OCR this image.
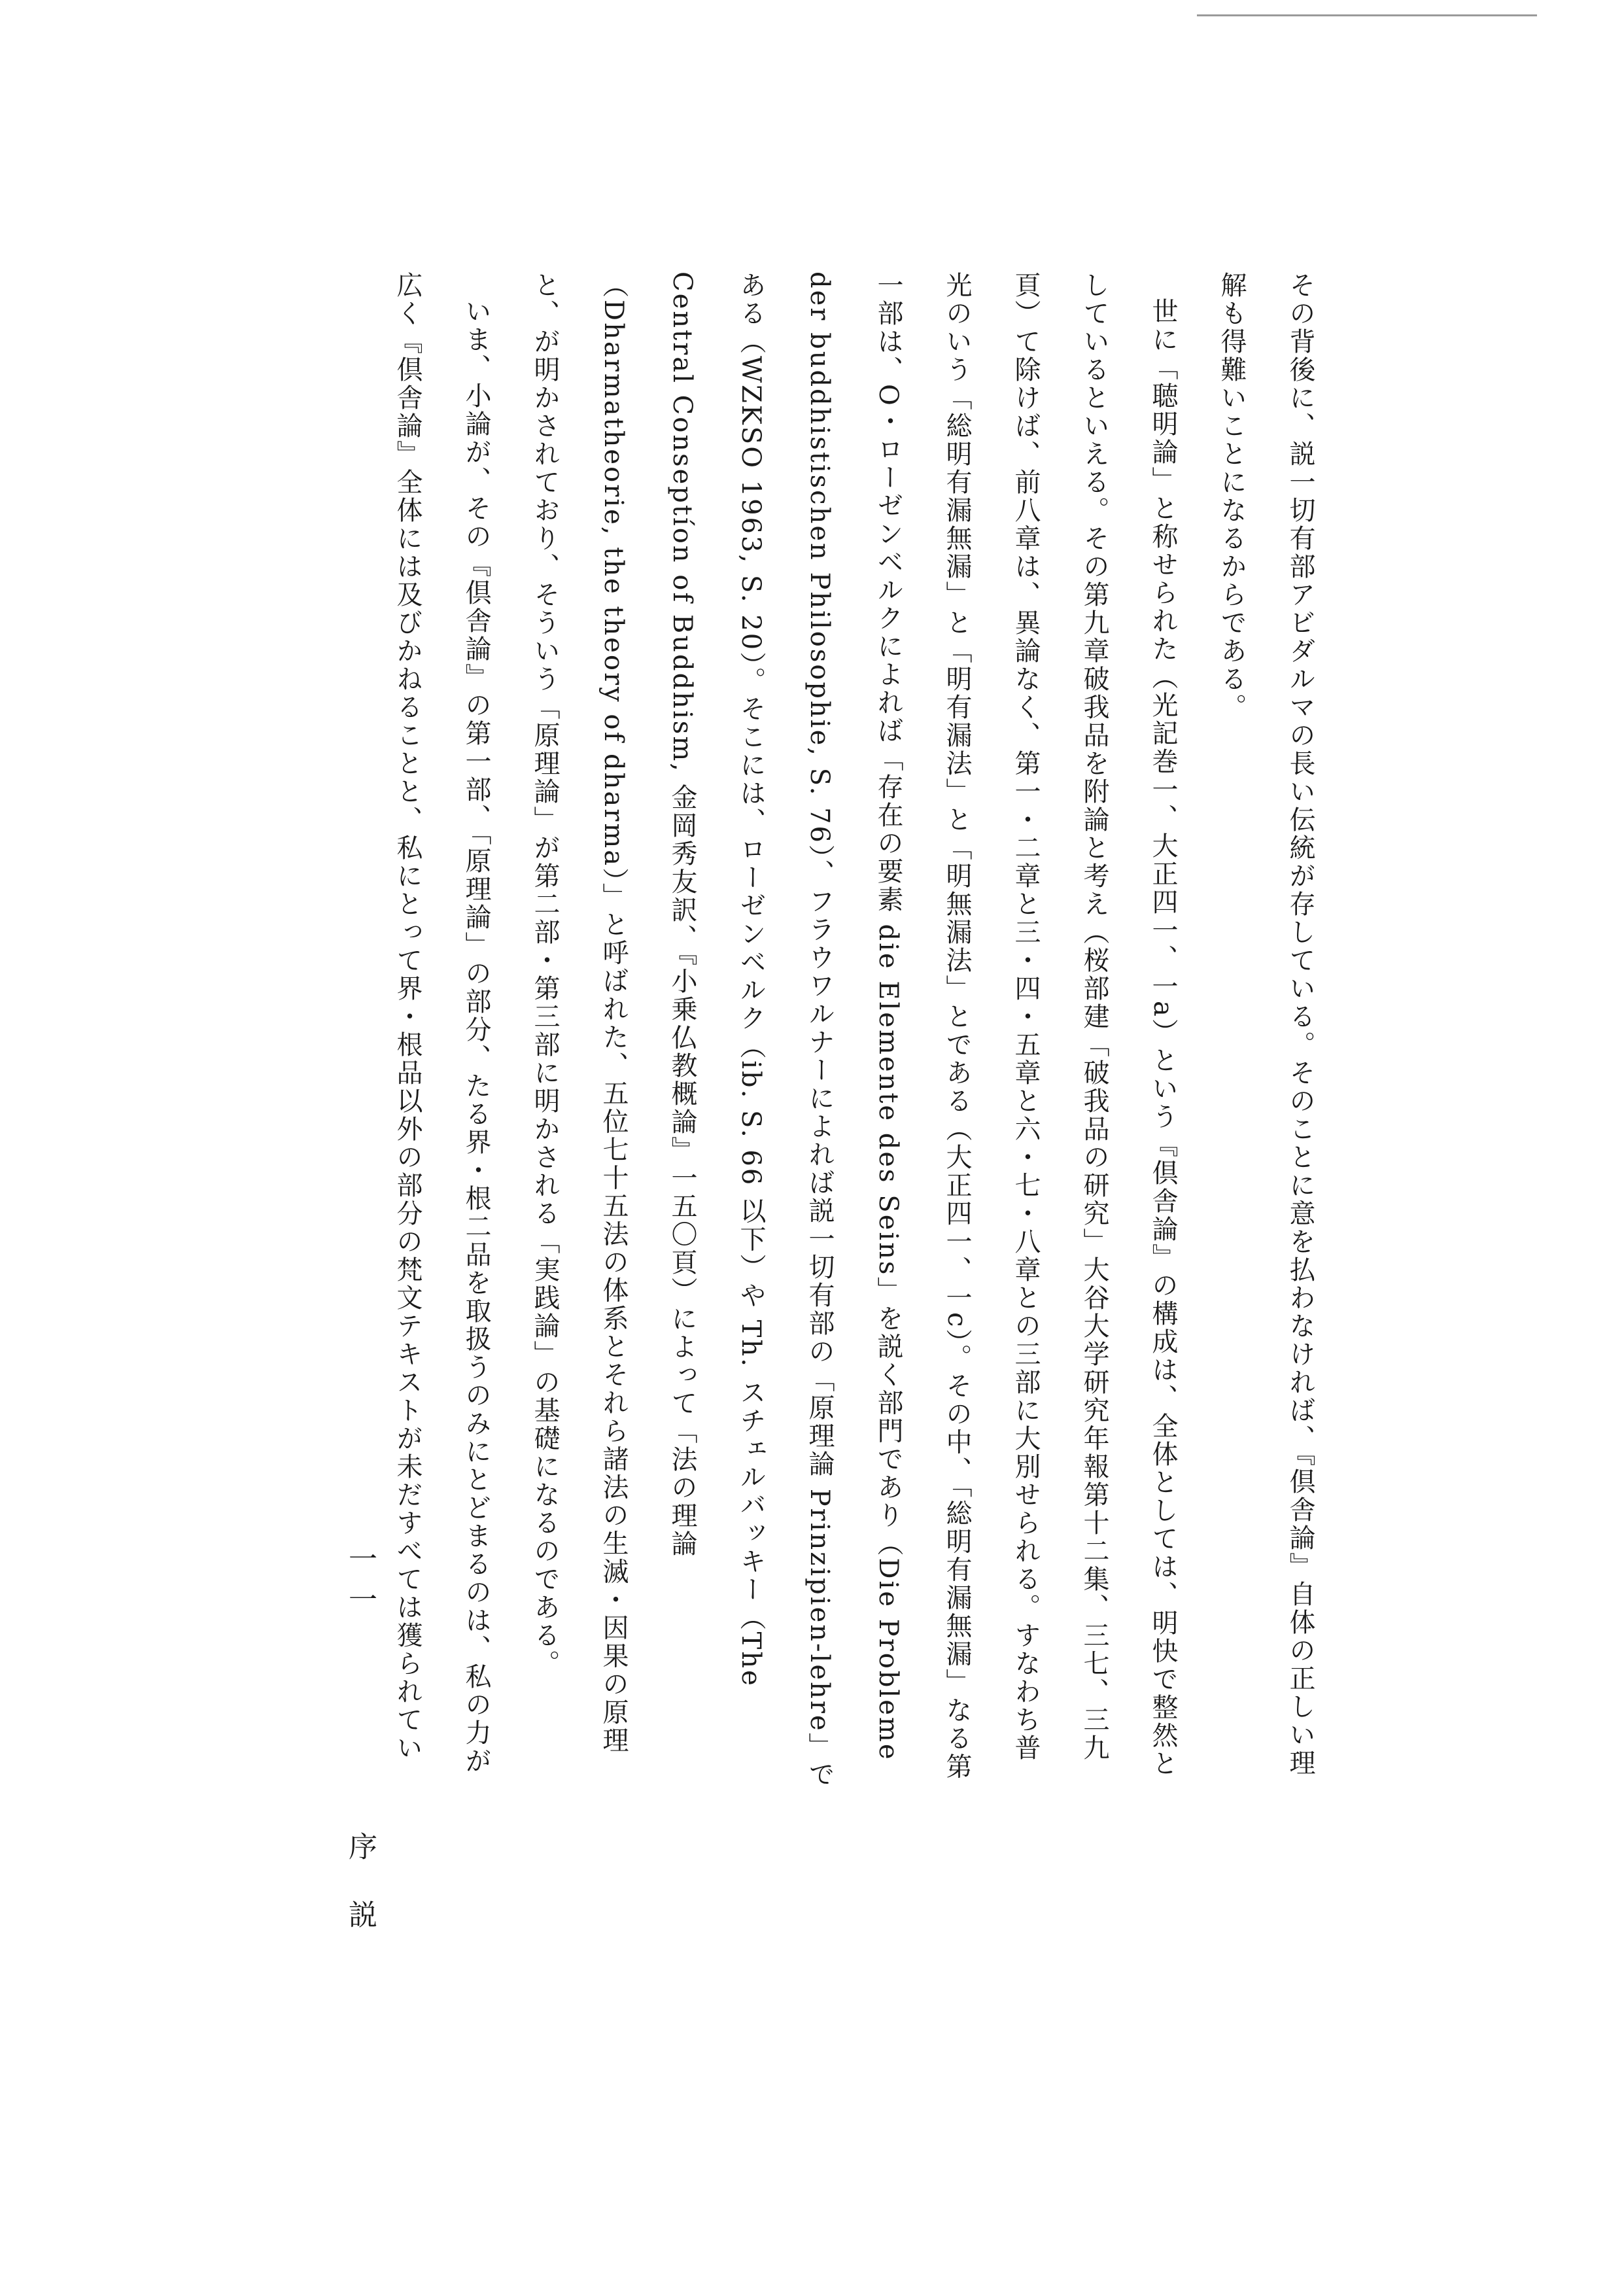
その背後に、説一切有部アビダルマの長い伝統が存している。そのことに意を払わなければ、『倶舎論』自体の正しい理解も得難いことになるからである。

世に「聴明論」と称せられた（光記巻一、大正四一、一a）という『倶舎論』の構成は、全体としては、明快で整然としているといえる。その第九章破我品を附論と考え（桜部建「破我品の研究」大谷大学研究年報第十二集、三七、三九頁）て除けば、前八章は、異論なく、第一・二章と三・四・五章と六・七・八章との三部に大別せられる。すなわち普光のいう「総明有漏無漏」と「明有漏法」と「明無漏法」とである（大正四一、一c）。その中、「総明有漏無漏」なる第一部は、O・ローゼンベルクによれば「存在の要素 die Elemente des Seins」を説く部門であり（Die Probleme der buddhistischen Philosophie, S. 76）、フラウワルナーによれば説一切有部の「原理論 Prinzipien-lehre」である（WZKSO 1963, S. 20）。そこには、ローゼンベルク（ib. S. 66 以下）や Th. スチェルバッキー（The Central Conseptíon of Buddhism, 金岡秀友訳、『小乗仏教概論』一五〇頁）によって「法の理論（Dharmatheorie, the theory of dharma）」と呼ばれた、五位七十五法の体系とそれら諸法の生滅・因果の原理と、が明かされており、そういう「原理論」が第二部・第三部に明かされる「実践論」の基礎になるのである。

いま、小論が、その『倶舎論』の第一部、「原理論」の部分、たる界・根二品を取扱うのみにとどまるのは、私の力が広く『倶舎論』全体には及びかねることと、私にとって界・根品以外の部分の梵文テキストが未だすべては獲られてい

一一
序説
